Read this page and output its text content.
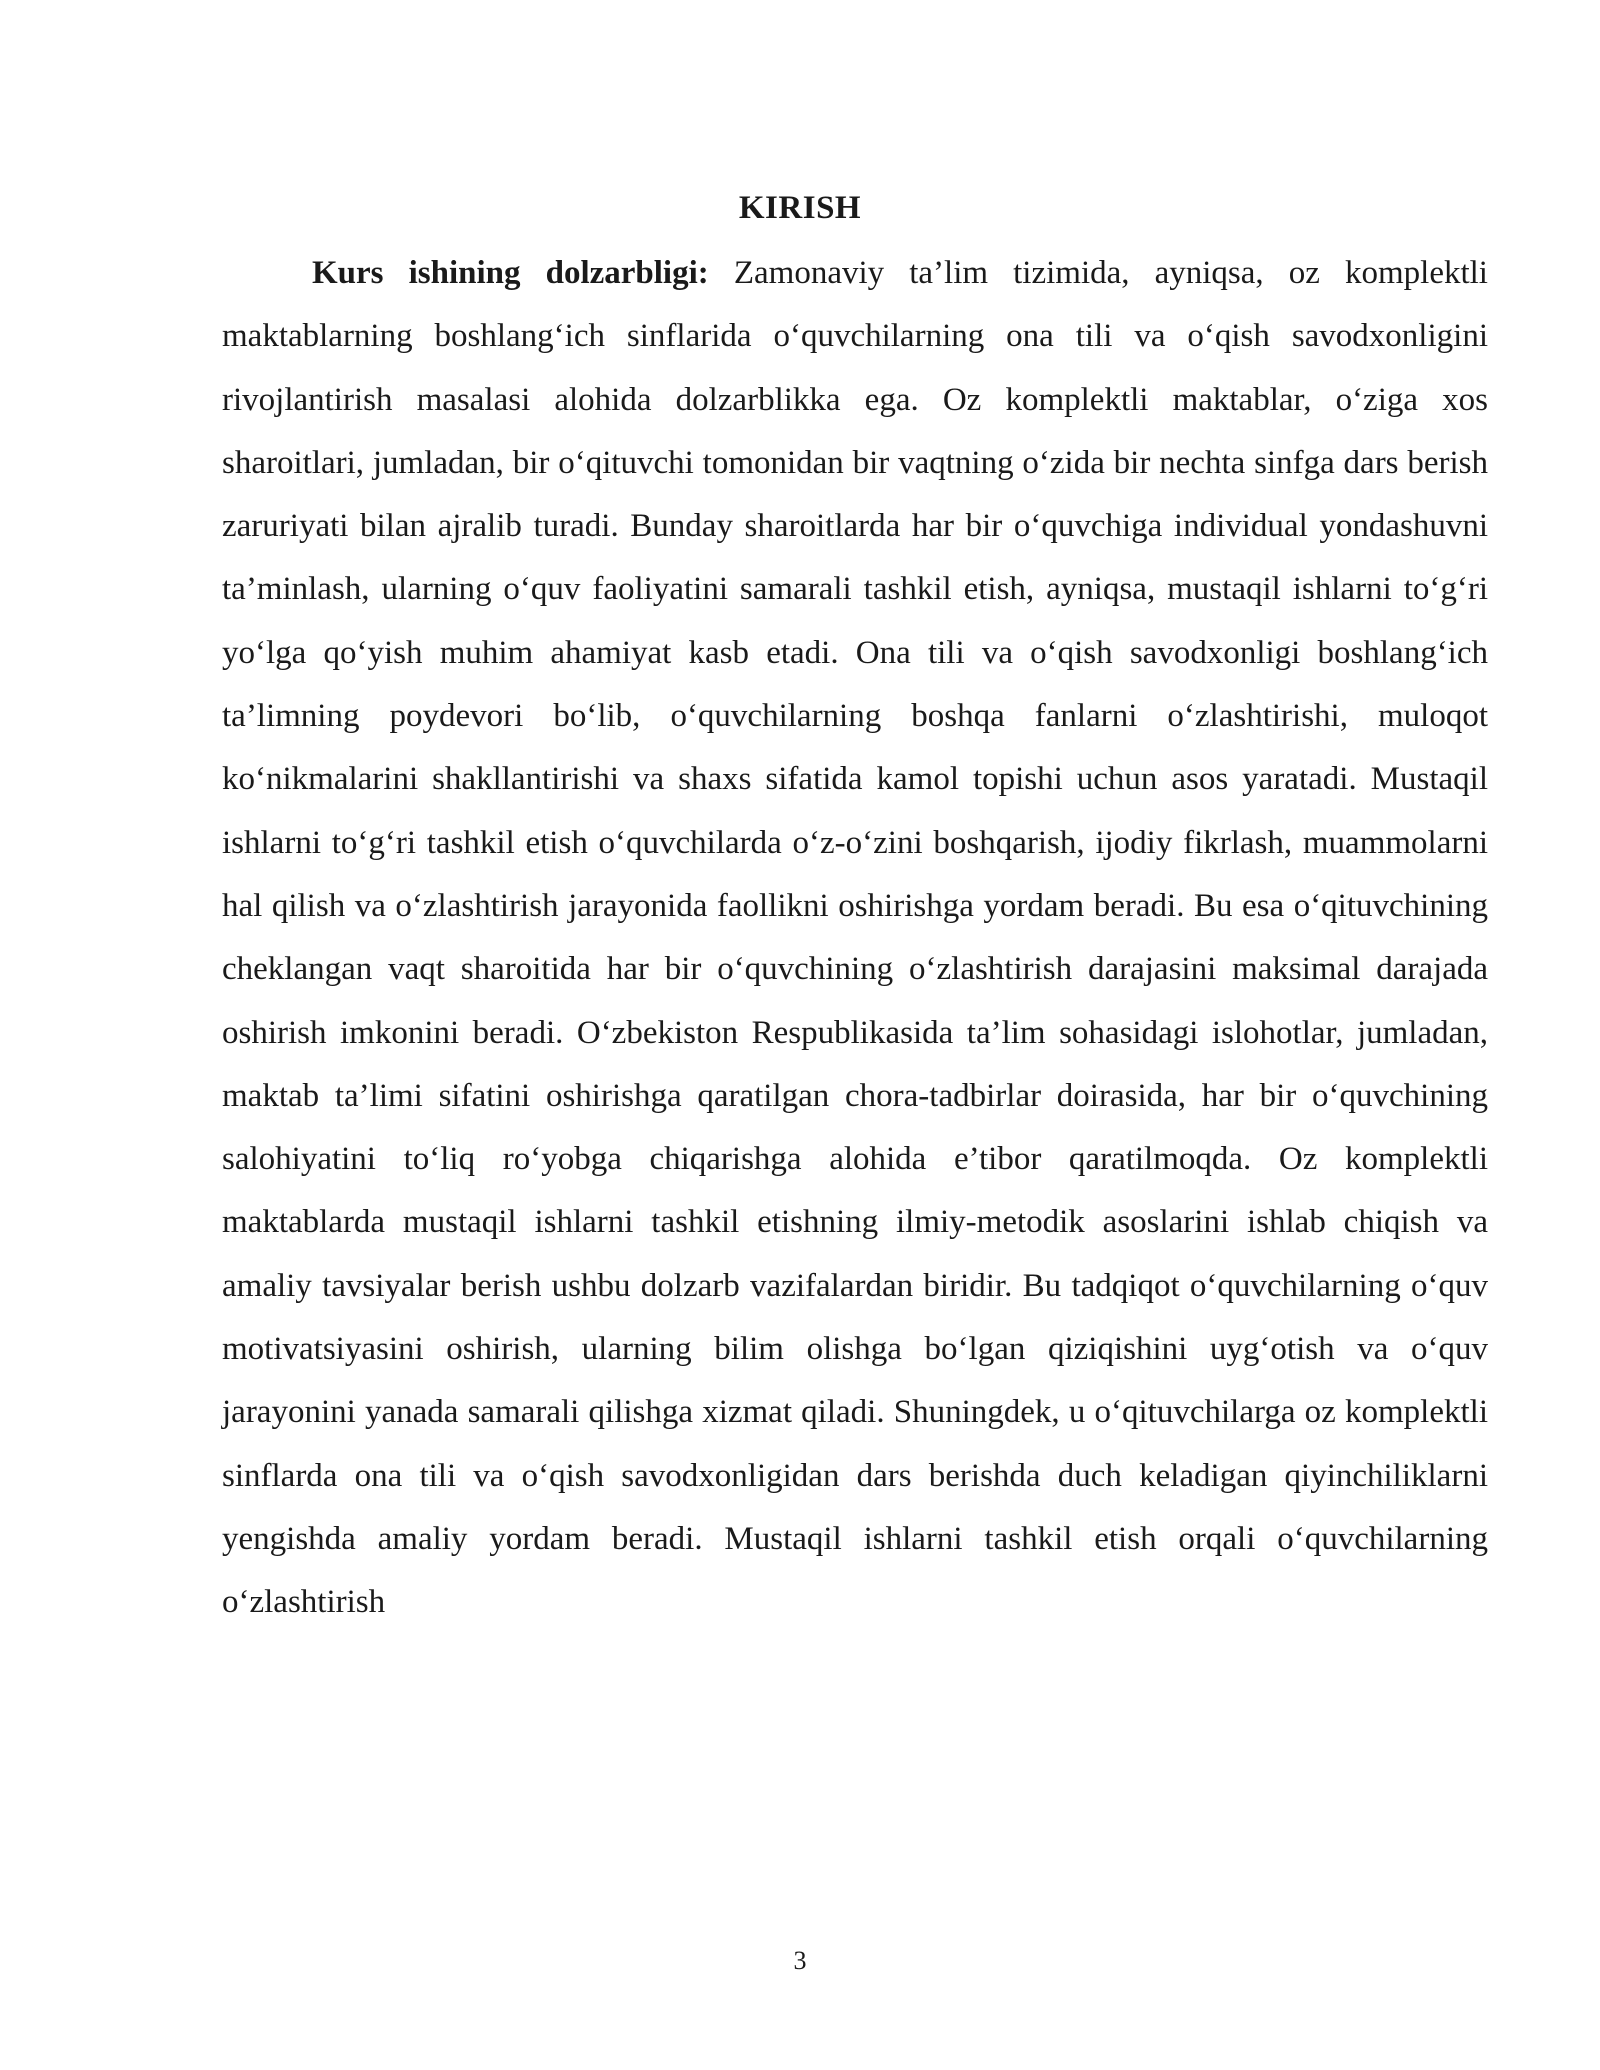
KIRISH

Kurs ishining dolzarbligi: Zamonaviy ta’lim tizimida, ayniqsa, oz komplektli maktablarning boshlang‘ich sinflarida o‘quvchilarning ona tili va o‘qish savodxonligini rivojlantirish masalasi alohida dolzarblikka ega. Oz komplektli maktablar, o‘ziga xos sharoitlari, jumladan, bir o‘qituvchi tomonidan bir vaqtning o‘zida bir nechta sinfga dars berish zaruriyati bilan ajralib turadi. Bunday sharoitlarda har bir o‘quvchiga individual yondashuvni ta’minlash, ularning o‘quv faoliyatini samarali tashkil etish, ayniqsa, mustaqil ishlarni to‘g‘ri yo‘lga qo‘yish muhim ahamiyat kasb etadi. Ona tili va o‘qish savodxonligi boshlang‘ich ta’limning poydevori bo‘lib, o‘quvchilarning boshqa fanlarni o‘zlashtirishi, muloqot ko‘nikmalarini shakllantirishi va shaxs sifatida kamol topishi uchun asos yaratadi. Mustaqil ishlarni to‘g‘ri tashkil etish o‘quvchilarda o‘z-o‘zini boshqarish, ijodiy fikrlash, muammolarni hal qilish va o‘zlashtirish jarayonida faollikni oshirishga yordam beradi. Bu esa o‘qituvchining cheklangan vaqt sharoitida har bir o‘quvchining o‘zlashtirish darajasini maksimal darajada oshirish imkonini beradi. O‘zbekiston Respublikasida ta’lim sohasidagi islohotlar, jumladan, maktab ta’limi sifatini oshirishga qaratilgan chora-tadbirlar doirasida, har bir o‘quvchining salohiyatini to‘liq ro‘yobga chiqarishga alohida e’tibor qaratilmoqda. Oz komplektli maktablarda mustaqil ishlarni tashkil etishning ilmiy-metodik asoslarini ishlab chiqish va amaliy tavsiyalar berish ushbu dolzarb vazifalardan biridir. Bu tadqiqot o‘quvchilarning o‘quv motivatsiyasini oshirish, ularning bilim olishga bo‘lgan qiziqishini uyg‘otish va o‘quv jarayonini yanada samarali qilishga xizmat qiladi. Shuningdek, u o‘qituvchilarga oz komplektli sinflarda ona tili va o‘qish savodxonligidan dars berishda duch keladigan qiyinchiliklarni yengishda amaliy yordam beradi. Mustaqil ishlarni tashkil etish orqali o‘quvchilarning o‘zlashtirish

3
